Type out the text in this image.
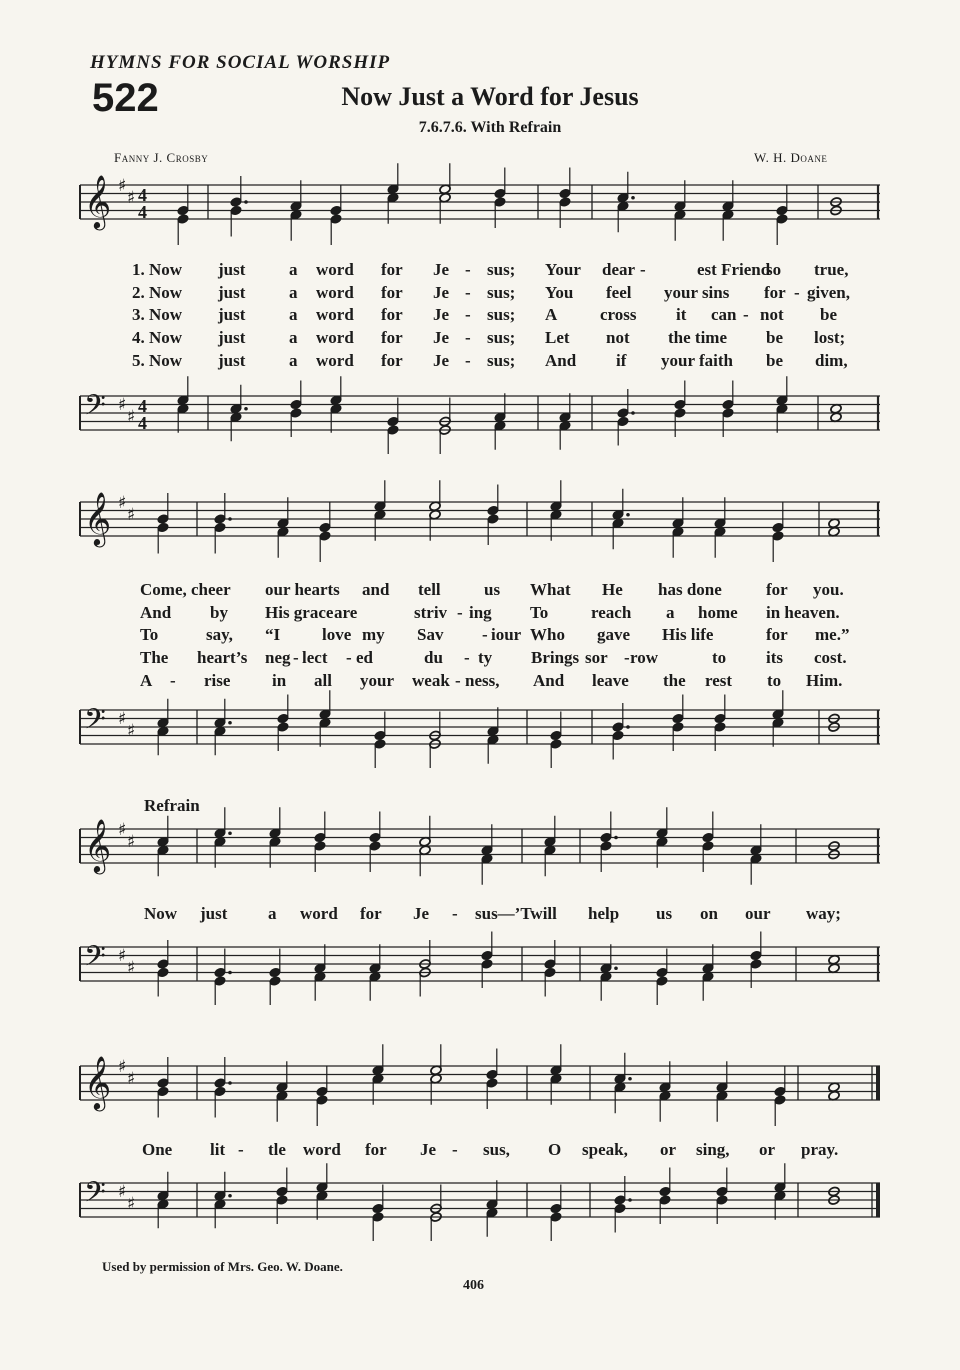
HYMNS FOR SOCIAL WORSHIP
522	Now Just a Word for Jesus
7.6.7.6. With Refrain
Fanny J. Crosby	W. H. Doane
𝄞 ♯
♯ 4
4
𝄢 ♯
♯
4
4
𝄞 ♯
♯
𝄢 ♯
♯
𝄞 ♯
♯
𝄢 ♯
♯
𝄞 ♯
♯
𝄢 ♯
♯
Refrain
1. Now just	a word for Je - sus; Your dear -	est Friend
so true,
2. Now just	a word for Je - sus; You feel your sins for - given,
3. Now just	a word for Je - sus; A	cross it can - not be
4. Now just	a word for Je - sus; Let not the time be lost;
5. Now just	a word for Je - sus; And if your faith be dim,
Come, cheer our hearts and tell	us What He has done	for you.
And by His grace are	striv - ing To	reach a home in heaven.
To	say, “I love my Sav - iour Who gave His life	for me.”
The heart’s neg - lect - ed	du - ty Brings sor - row	to its cost.
A - rise in all your weak - ness, And leave the rest to Him.
Now just a word for Je - sus—’Twill help us on our way;
One lit - tle word for Je - sus, O speak, or sing, or pray.
Used by permission of Mrs. Geo. W. Doane.
406
